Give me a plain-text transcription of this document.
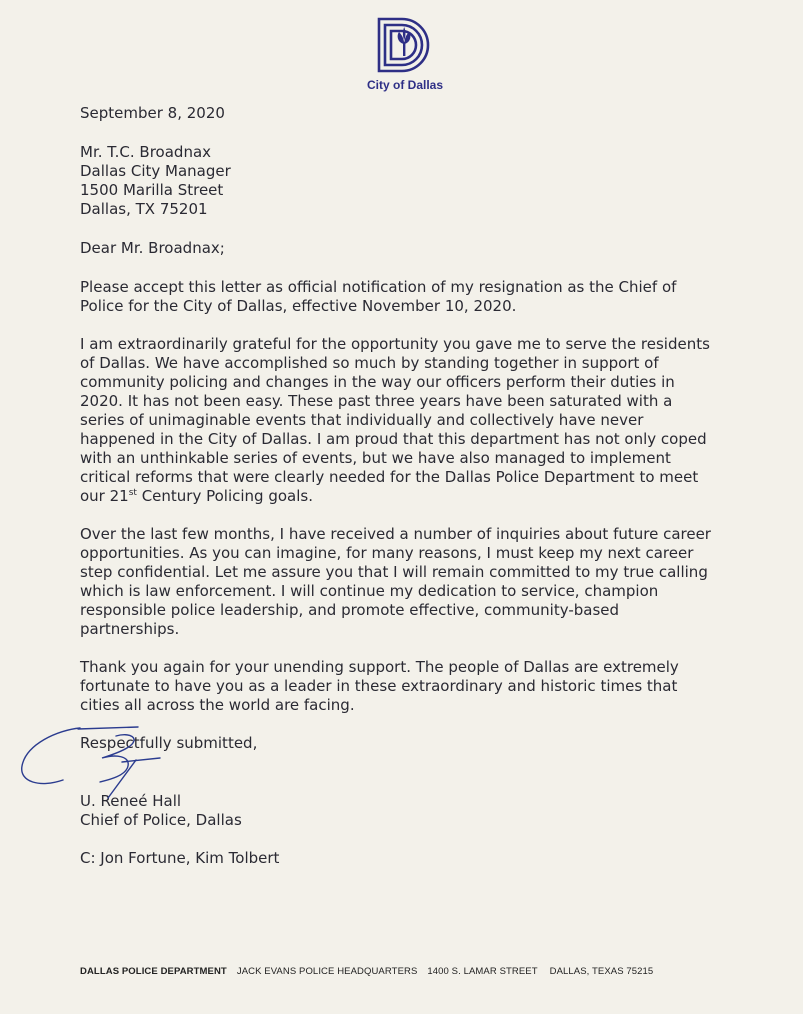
City of Dallas

September 8, 2020

Mr. T.C. Broadnax

Dallas City Manager

1500 Marilla Street

Dallas, TX 75201

Dear Mr. Broadnax;

Please accept this letter as official notification of my resignation as the Chief of Police for the City of Dallas, effective November 10, 2020.

I am extraordinarily grateful for the opportunity you gave me to serve the residents of Dallas. We have accomplished so much by standing together in support of community policing and changes in the way our officers perform their duties in 2020. It has not been easy. These past three years have been saturated with a series of unimaginable events that individually and collectively have never happened in the City of Dallas. I am proud that this department has not only coped with an unthinkable series of events, but we have also managed to implement critical reforms that were clearly needed for the Dallas Police Department to meet our 21st Century Policing goals.

Over the last few months, I have received a number of inquiries about future career opportunities. As you can imagine, for many reasons, I must keep my next career step confidential. Let me assure you that I will remain committed to my true calling which is law enforcement. I will continue my dedication to service, champion responsible police leadership, and promote effective, community-based partnerships.

Thank you again for your unending support. The people of Dallas are extremely fortunate to have you as a leader in these extraordinary and historic times that cities all across the world are facing.

Respectfully submitted,

U. Reneé Hall

Chief of Police, Dallas

C: Jon Fortune, Kim Tolbert

DALLAS POLICE DEPARTMENT JACK EVANS POLICE HEADQUARTERS 1400 S. LAMAR STREET DALLAS, TEXAS 75215
